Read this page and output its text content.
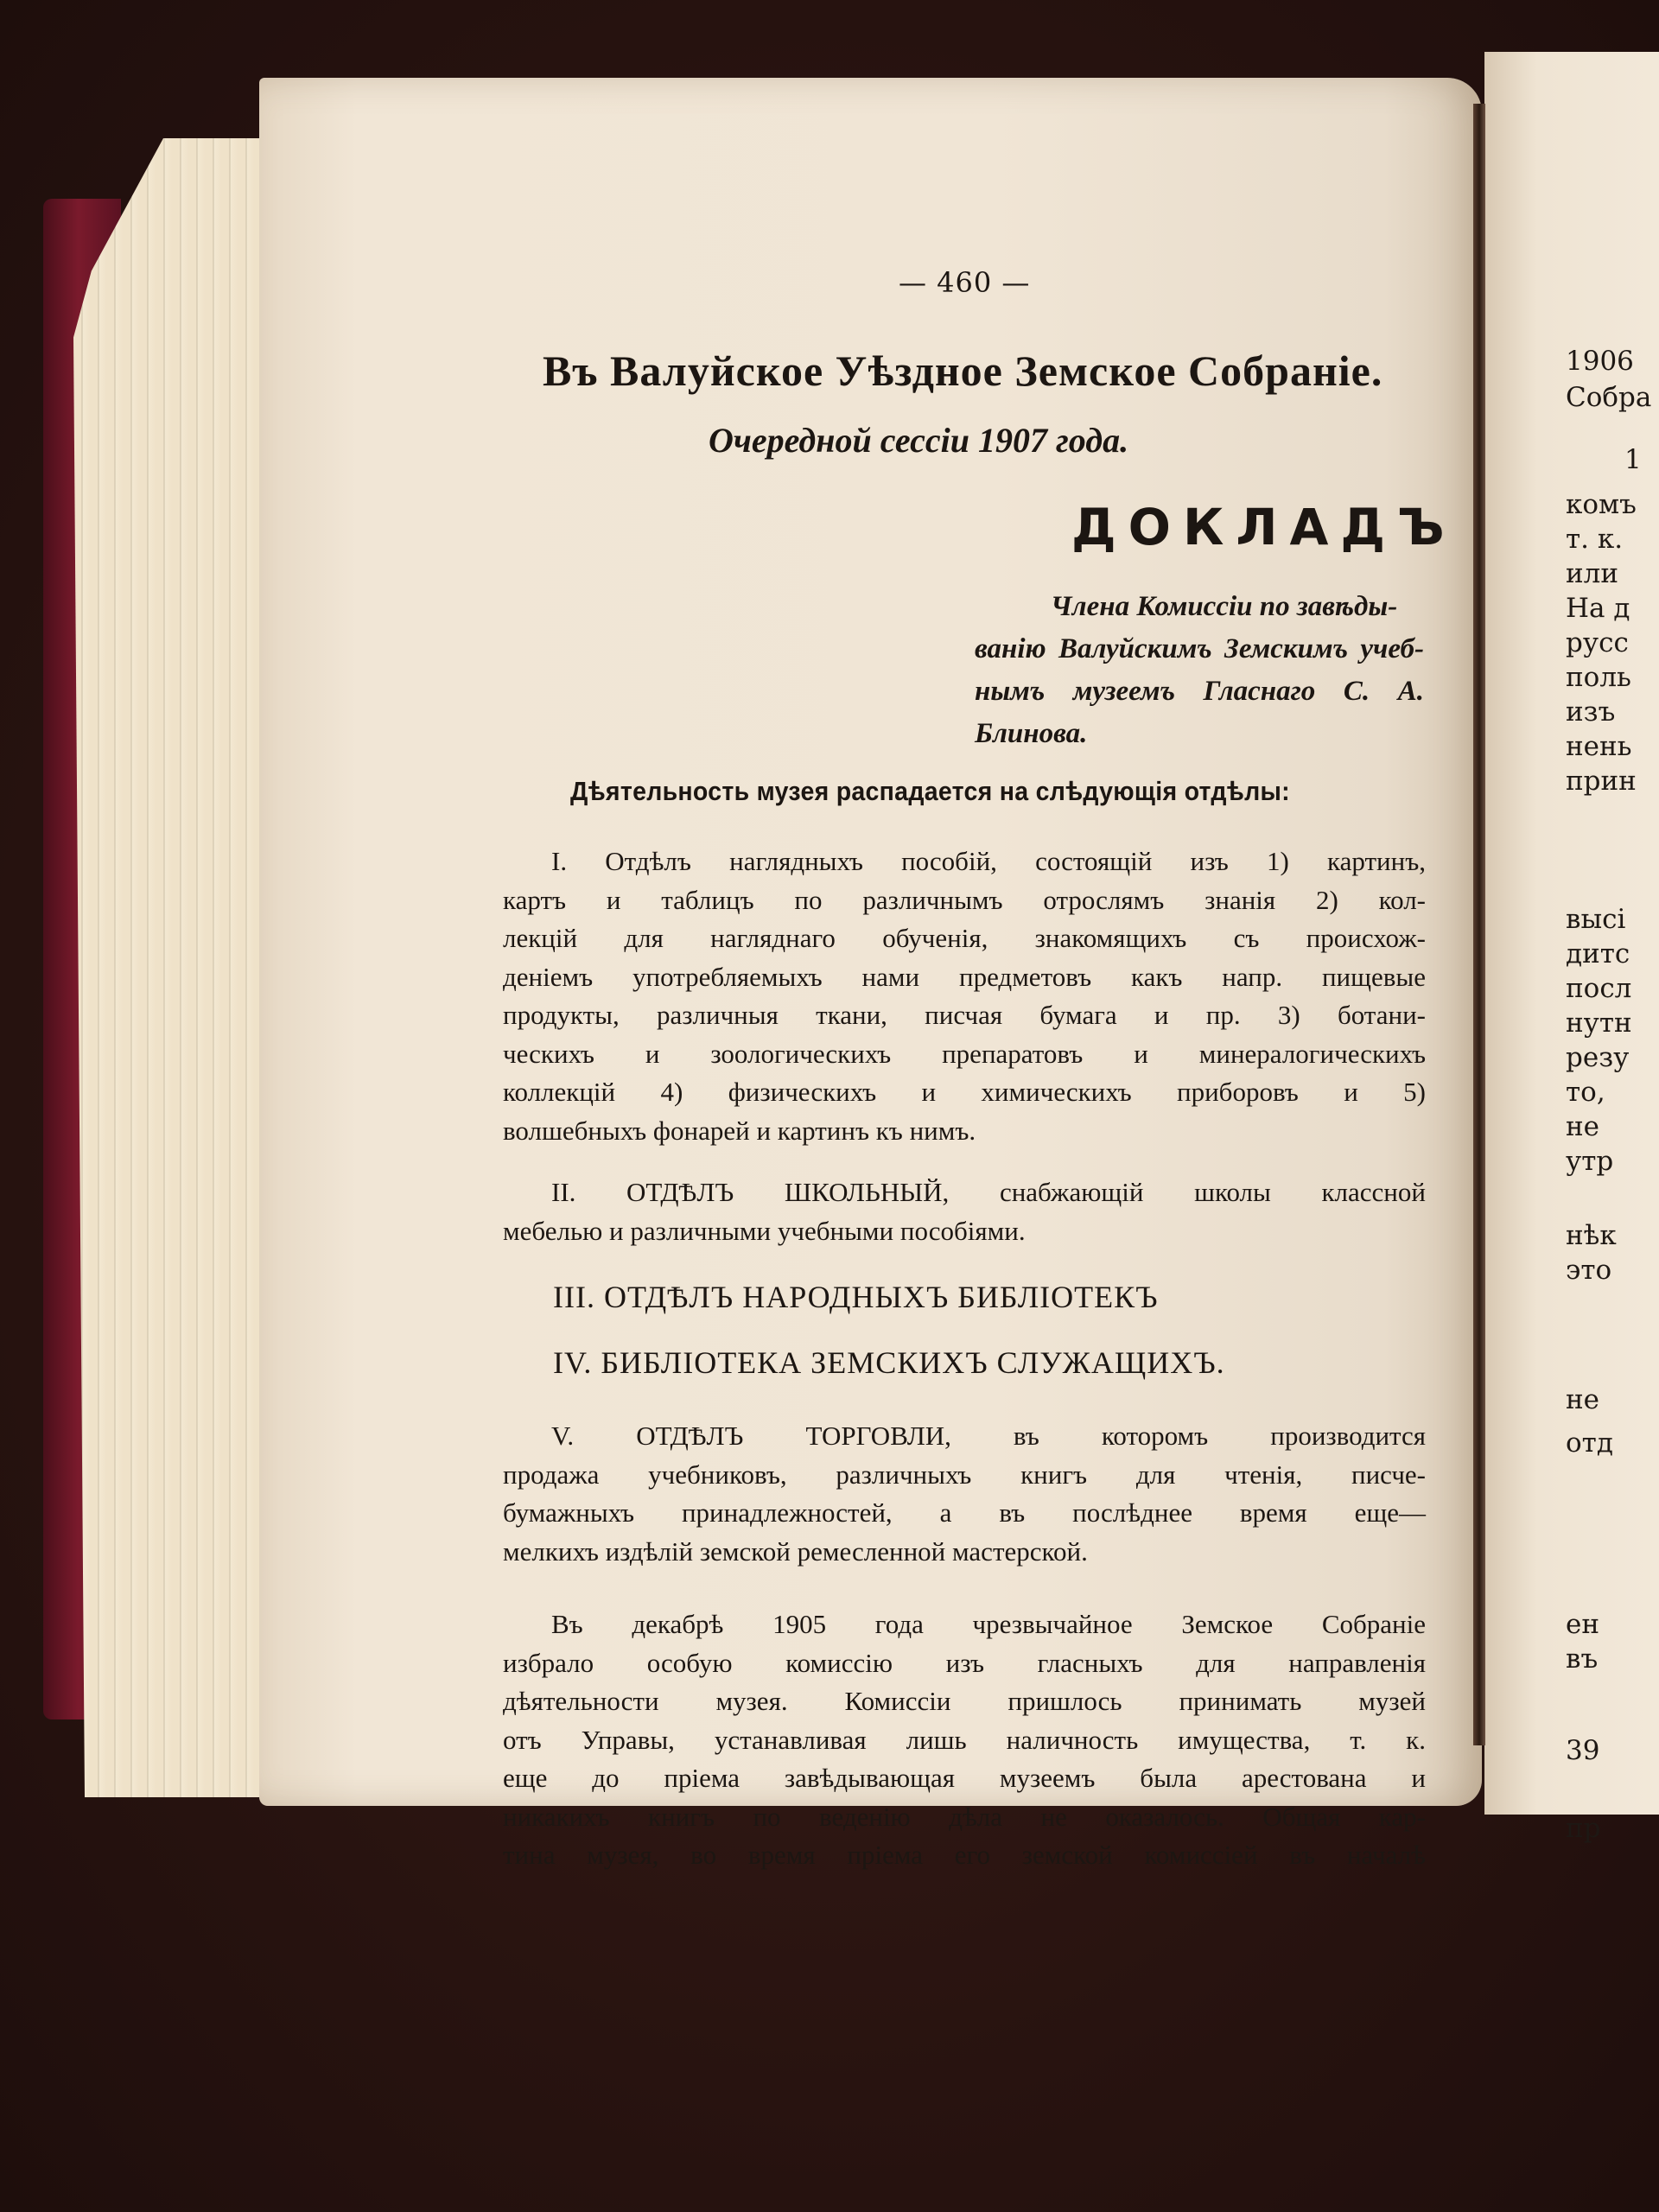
— 460 —
Въ Валуйское Уѣздное Земское Собраніе.
Очередной сессіи 1907 года.
ДОКЛАДЪ
Члена Комиссіи по завѣды-
ванію Валуйскимъ Земскимъ учеб-
нымъ музеемъ Гласнаго С. А.
Блинова.
Дѣятельность музея распадается на слѣдующія отдѣлы:
I. Отдѣлъ наглядныхъ пособій, состоящій изъ 1) картинъ,
картъ и таблицъ по различнымъ отрослямъ знанія 2) кол-
лекцій для нагляднаго обученія, знакомящихъ съ происхож-
деніемъ употребляемыхъ нами предметовъ какъ напр. пищевые
продукты, различныя ткани, писчая бумага и пр. 3) ботани-
ческихъ и зоологическихъ препаратовъ и минералогическихъ
коллекцій 4) физическихъ и химическихъ приборовъ и 5)
волшебныхъ фонарей и картинъ къ нимъ.
II. ОТДѢЛЪ ШКОЛЬНЫЙ, снабжающій школы классной
мебелью и различными учебными пособіями.
III. ОТДѢЛЪ НАРОДНЫХЪ БИБЛІОТЕКЪ
IV. БИБЛІОТЕКА ЗЕМСКИХЪ СЛУЖАЩИХЪ.
V. ОТДѢЛЪ ТОРГОВЛИ, въ которомъ производится
продажа учебниковъ, различныхъ книгъ для чтенія, писче-
бумажныхъ принадлежностей, а въ послѣднее время еще—
мелкихъ издѣлій земской ремесленной мастерской.
Въ декабрѣ 1905 года чрезвычайное Земское Собраніе
избрало особую комиссію изъ гласныхъ для направленія
дѣятельности музея. Комиссіи пришлось принимать музей
отъ Управы, устанавливая лишь наличность имущества, т. к.
еще до пріема завѣдывающая музеемъ была арестована и
никакихъ книгъ по веденію дѣла не оказалось. Общая кар-
тина музея, во время пріема его земской комиссіей въ началѣ
1906
Собра
1
комъ
т. к.
или
На д
русс
поль
изъ
нень
прин
высі
дитс
посл
нутн
резу
то,
не
утр
нѣк
это
не
отд
ен
въ
39
пр
